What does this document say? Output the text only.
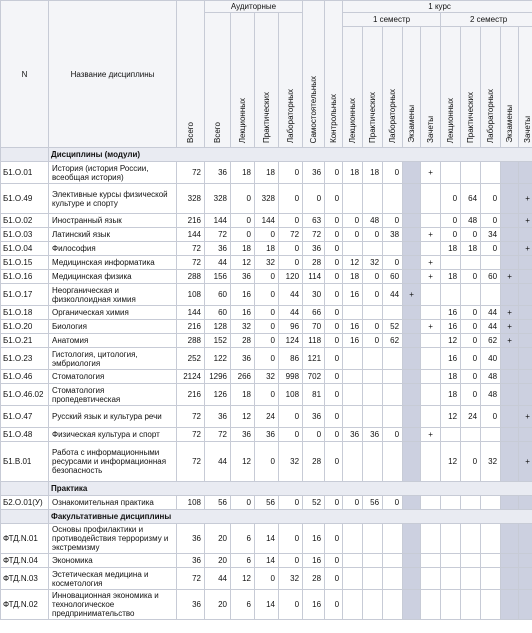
N	Название дисциплины	Всего	Аудиторные				Самостоятельных	Контрольных	1 курс									

			Всего	Лекционных	Практических	Лабораторных			1 семестр					2 семестр				

									Лекционных	Практических	Лабораторных	Экзамены	Зачеты	Лекционных	Практических	Лабораторных	Экзамены	Зачеты

	Дисциплины (модули)																	
Б1.О.01	История (история России, всеобщая история)	72	36	18	18	0	36	0	18	18	0		+					
Б1.О.49	Элективные курсы физической культуре и спорту	328	328	0	328	0	0	0						0	64	0		+
Б1.О.02	Иностранный язык	216	144	0	144	0	63	0	0	48	0			0	48	0		+
Б1.О.03	Латинский язык	144	72	0	0	72	72	0	0	0	38		+	0	0	34		
Б1.О.04	Философия	72	36	18	18	0	36	0						18	18	0		+
Б1.О.15	Медицинская информатика	72	44	12	32	0	28	0	12	32	0		+					
Б1.О.16	Медицинская физика	288	156	36	0	120	114	0	18	0	60		+	18	0	60	+	
Б1.О.17	Неорганическая и физколлоидная химия	108	60	16	0	44	30	0	16	0	44	+						
Б1.О.18	Органическая химия	144	60	16	0	44	66	0						16	0	44	+	
Б1.О.20	Биология	216	128	32	0	96	70	0	16	0	52		+	16	0	44	+	
Б1.О.21	Анатомия	288	152	28	0	124	118	0	16	0	62			12	0	62	+	
Б1.О.23	Гистология, цитология, эмбриология	252	122	36	0	86	121	0						16	0	40		
Б1.О.46	Стоматология	2124	1296	266	32	998	702	0						18	0	48		
Б1.О.46.02	Стоматология пропедевтическая	216	126	18	0	108	81	0						18	0	48		
Б1.О.47	Русский язык и культура речи	72	36	12	24	0	36	0						12	24	0		+
Б1.О.48	Физическая культура и спорт	72	72	36	36	0	0	0	36	36	0		+					
Б1.В.01	Работа с информационными ресурсами и информационная безопасность	72	44	12	0	32	28	0						12	0	32		+
	Практика																	
Б2.О.01(У)	Ознакомительная практика	108	56	0	56	0	52	0	0	56	0							
	Факультативные дисциплины																	
ФТД.N.01	Основы профилактики и противодействия терроризму и экстремизму	36	20	6	14	0	16	0										
ФТД.N.04	Экономика	36	20	6	14	0	16	0										
ФТД.N.03	Эстетическая медицина и косметология	72	44	12	0	32	28	0										
ФТД.N.02	Инновационная экономика и технологическое предпринимательство	36	20	6	14	0	16	0										
